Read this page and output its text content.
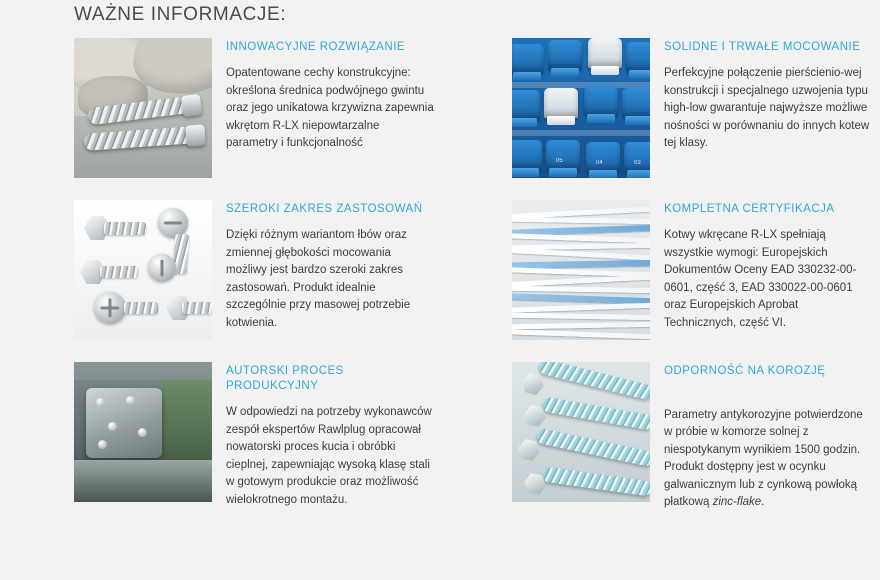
WAŻNE INFORMACJE:
INNOWACYJNE ROZWIĄZANIE

Opatentowane cechy konstrukcyjne: określona średnica podwójnego gwintu oraz jego unikatowa krzywizna zapewnia wkrętom R-LX niepowtarzalne parametry i funkcjonalność

05	04	03
SOLIDNE I TRWAŁE MOCOWANIE

Perfekcyjne połączenie pierścienio-wej konstrukcji i specjalnego uzwojenia typu high-low gwarantuje najwyższe możliwe nośności w porównaniu do innych kotew tej klasy.

SZEROKI ZAKRES ZASTOSOWAŃ

Dzięki różnym wariantom łbów oraz zmiennej głębokości mocowania możliwy jest bardzo szeroki zakres zastosowań. Produkt idealnie szczególnie przy masowej potrzebie kotwienia.

KOMPLETNA CERTYFIKACJA

Kotwy wkręcane R-LX spełniają wszystkie wymogi: Europejskich Dokumentów Oceny EAD 330232-00-0601, część 3, EAD 330022-00-0601 oraz Europejskich Aprobat Technicznych, część VI.

AUTORSKI PROCES PRODUKCYJNY

W odpowiedzi na potrzeby wykonawców zespół ekspertów Rawlplug opracował nowatorski proces kucia i obróbki cieplnej, zapewniając wysoką klasę stali w gotowym produkcie oraz możliwość wielokrotnego montażu.

ODPORNOŚĆ NA KOROZJĘ

Parametry antykorozyjne potwierdzone w próbie w komorze solnej z niespotykanym wynikiem 1500 godzin. Produkt dostępny jest w ocynku galwanicznym lub z cynkową powłoką płatkową zinc-flake.
